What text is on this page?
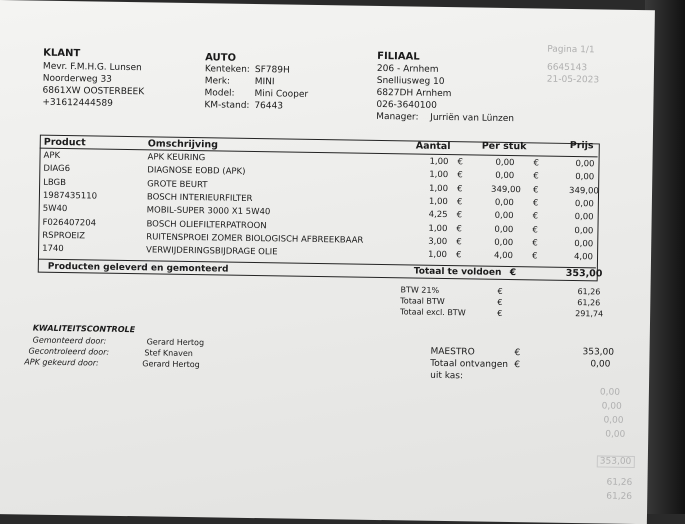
Pagina 1/1
6645143
21-05-2023
KLANT
Mevr. F.M.H.G. Lunsen
Noorderweg 33
6861XW OOSTERBEEK
+31612444589
AUTO
Kenteken: SF789H
Merk:	MINI
Model: Mini Cooper
KM-stand: 76443
FILIAAL
206 - Arnhem
Snelliusweg 10
6827DH Arnhem
026-3640100
Manager: Jurriën van Lünzen
Product	Omschrijving	Aantal	Per stuk	Prijs
APK	APK KEURING	1,00 €	0,00 €	0,00
DIAG6	DIAGNOSE EOBD (APK)	1,00 €	0,00 €	0,00
LBGB	GROTE BEURT	1,00 €	349,00 €	349,00
1987435110	BOSCH INTERIEURFILTER	1,00 €	0,00 €	0,00
5W40	MOBIL-SUPER 3000 X1 5W40	4,25 €	0,00 €	0,00
F026407204	BOSCH OLIEFILTERPATROON	1,00 €	0,00 €	0,00
RSPROEIZ	RUITENSPROEI ZOMER BIOLOGISCH AFBREEKBAAR	3,00 €	0,00 €	0,00
1740	VERWIJDERINGSBIJDRAGE OLIE	1,00 €	4,00 €	4,00
Producten geleverd en gemonteerd	Totaal te voldoen €	353,00
BTW 21%	€	61,26
Totaal BTW	€	61,26
Totaal excl. BTW	€	291,74
KWALITEITSCONTROLE
Gemonteerd door:	Gerard Hertog
Gecontroleerd door:	Stef Knaven
APK gekeurd door:	Gerard Hertog
MAESTRO	€	353,00
Totaal ontvangen €	0,00
uit kas:
0,00
0,00
0,00
0,00
353,00
61,26
61,26
